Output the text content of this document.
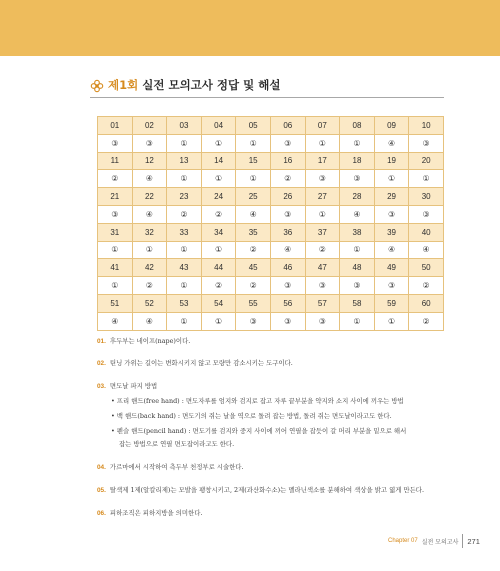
제1회 실전 모의고사 정답 및 해설
01	02	03	04	05	06	07	08	09	10
③	③	①	①	①	③	①	①	④	③
11	12	13	14	15	16	17	18	19	20
②	④	①	①	①	②	③	③	①	①
21	22	23	24	25	26	27	28	29	30
③	④	②	②	④	③	①	④	③	③
31	32	33	34	35	36	37	38	39	40
①	①	①	①	②	④	②	①	④	④
41	42	43	44	45	46	47	48	49	50
①	②	①	②	②	③	③	③	③	②
51	52	53	54	55	56	57	58	59	60
④	④	①	①	③	③	③	①	①	②
01. 후두부는 네이프(nape)이다.
02. 틴닝 가위는 길이는 변화시키지 않고 모량만 감소시키는 도구이다.
03. 면도날 파지 방법
• 프리 핸드(free hand) : 면도자루를 엄지와 검지로 잡고 자루 끝부분을 약지와 소지 사이에 끼우는 방법
• 백 핸드(back hand) : 면도기의 쥐는 날을 역으로 돌려 잡는 방법, 돌려 쥐는 면도날이라고도 한다.
• 펜슬 핸드(pencil hand) : 면도기를 검지와 중지 사이에 끼어 연필을 잡듯이 갈 머리 부분을 밑으로 해서
잡는 방법으로 연필 면도잡이라고도 한다.
04. 가르마에서 시작하여 측두부 천정부로 시술한다.
05. 탈색제 1제(알칼리제)는 모발을 팽창시키고, 2제(과산화수소)는 멜라닌색소를 분해하여 색상을 밝고 엷게 만든다.
06. 피하조직은 피하지방을 의미한다.
Chapter 07 실전 모의고사 271
